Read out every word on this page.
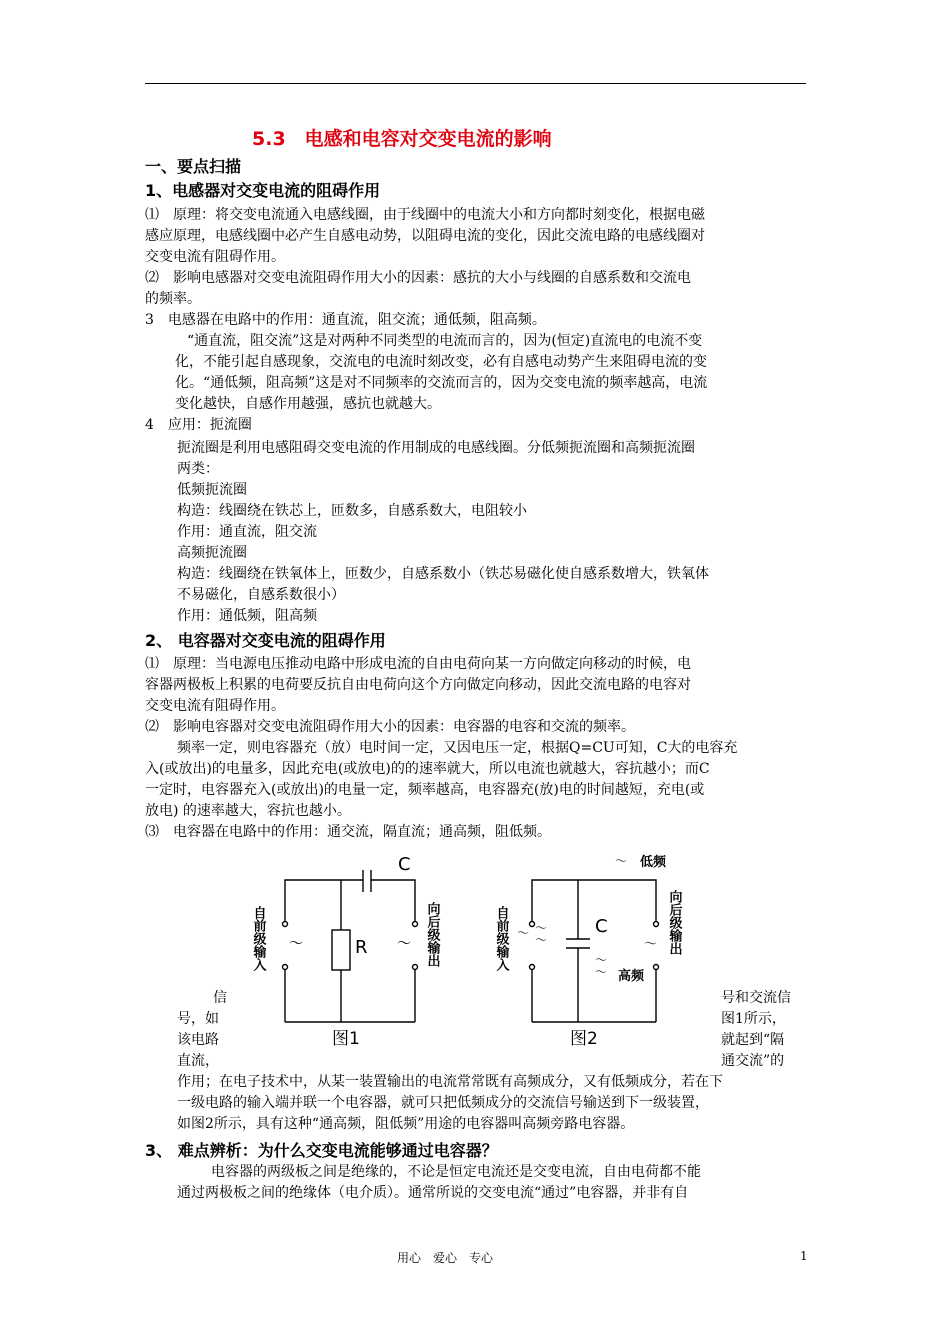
5.3　电感和电容对交变电流的影响
一、要点扫描
1、电感器对交变电流的阻碍作用
⑴　原理：将交变电流通入电感线圈，由于线圈中的电流大小和方向都时刻变化，根据电磁
感应原理，电感线圈中必产生自感电动势，以阻碍电流的变化，因此交流电路的电感线圈对
交变电流有阻碍作用。
⑵　影响电感器对交变电流阻碍作用大小的因素：感抗的大小与线圈的自感系数和交流电
的频率。
3　电感器在电路中的作用：通直流，阻交流；通低频，阻高频。
“通直流，阻交流”这是对两种不同类型的电流而言的，因为(恒定)直流电的电流不变
化，不能引起自感现象，交流电的电流时刻改变，必有自感电动势产生来阻碍电流的变
化。“通低频，阻高频”这是对不同频率的交流而言的，因为交变电流的频率越高，电流
变化越快，自感作用越强，感抗也就越大。
4　应用：扼流圈
扼流圈是利用电感阻碍交变电流的作用制成的电感线圈。分低频扼流圈和高频扼流圈
两类：
低频扼流圈
构造：线圈绕在铁芯上，匝数多，自感系数大，电阻较小
作用：通直流，阻交流
高频扼流圈
构造：线圈绕在铁氧体上，匝数少，自感系数小（铁芯易磁化使自感系数增大，铁氧体
不易磁化，自感系数很小）
作用：通低频，阻高频
2、 电容器对交变电流的阻碍作用
⑴　原理：当电源电压推动电路中形成电流的自由电荷向某一方向做定向移动的时候，电
容器两极板上积累的电荷要反抗自由电荷向这个方向做定向移动，因此交流电路的电容对
交变电流有阻碍作用。
⑵　影响电容器对交变电流阻碍作用大小的因素：电容器的电容和交流的频率。
频率一定，则电容器充（放）电时间一定，又因电压一定，根据Q=CU可知，C大的电容充
入(或放出)的电量多，因此充电(或放电)的的速率就大，所以电流也就越大，容抗越小；而C
一定时，电容器充入(或放出)的电量一定，频率越高，电容器充(放)电的时间越短，充电(或
放电) 的速率越大，容抗也越小。
⑶　电容器在电路中的作用：通交流，隔直流；通高频，阻低频。
C
R
～	～
自前级输入	向后级输出
图1
C
～ 低频
高频
～ ～
～
～
～
～
自前级输入	向后级输出
图2
信
号，如
该电路
直流，
号和交流信
图1所示，
就起到“隔
通交流”的
作用；在电子技术中，从某一装置输出的电流常常既有高频成分，又有低频成分，若在下
一级电路的输入端并联一个电容器，就可只把低频成分的交流信号输送到下一级装置，
如图2所示，具有这种“通高频，阻低频”用途的电容器叫高频旁路电容器。
3、 难点辨析：为什么交变电流能够通过电容器？
电容器的两级板之间是绝缘的，不论是恒定电流还是交变电流，自由电荷都不能
通过两极板之间的绝缘体（电介质）。通常所说的交变电流“通过”电容器，并非有自
用心　爱心　专心	1
